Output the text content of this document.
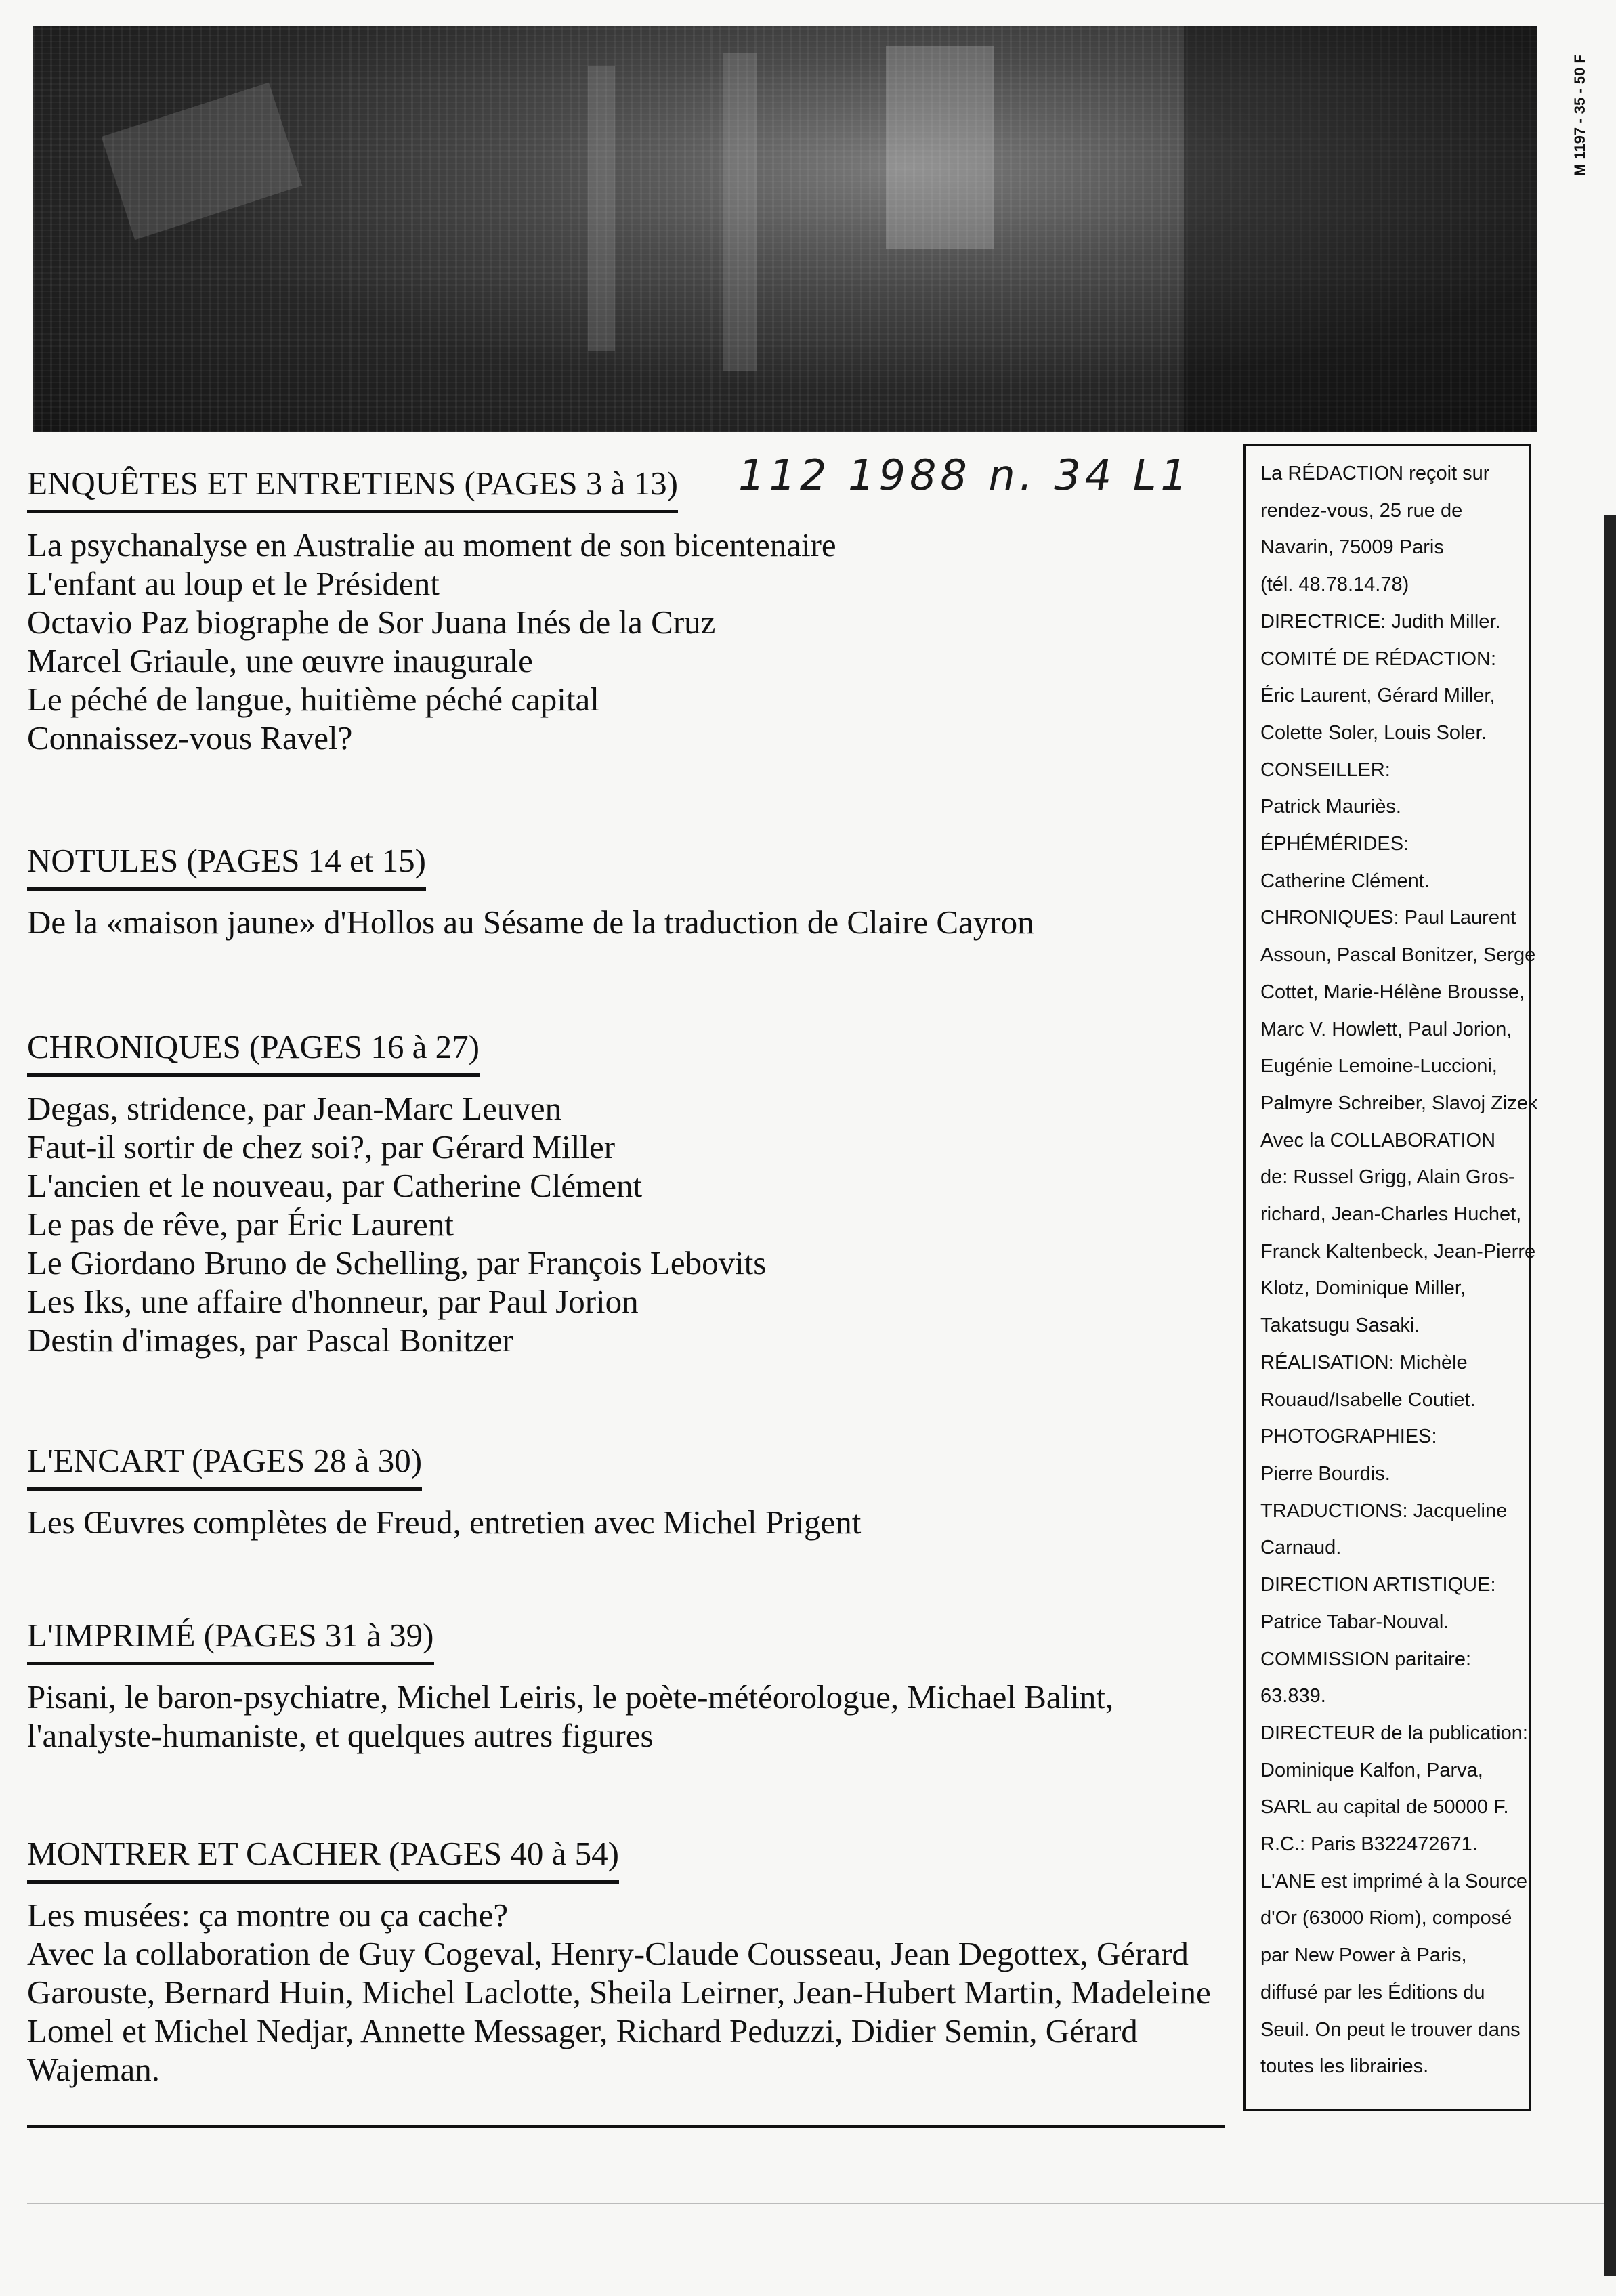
M 1197 - 35 - 50 F
112 1988 n. 34 L1
ENQUÊTES ET ENTRETIENS (PAGES 3 à 13)
La psychanalyse en Australie au moment de son bicentenaire
L'enfant au loup et le Président
Octavio Paz biographe de Sor Juana Inés de la Cruz
Marcel Griaule, une œuvre inaugurale
Le péché de langue, huitième péché capital
Connaissez-vous Ravel?
NOTULES (PAGES 14 et 15)
De la «maison jaune» d'Hollos au Sésame de la traduction de Claire Cayron
CHRONIQUES (PAGES 16 à 27)
Degas, stridence, par Jean-Marc Leuven
Faut-il sortir de chez soi?, par Gérard Miller
L'ancien et le nouveau, par Catherine Clément
Le pas de rêve, par Éric Laurent
Le Giordano Bruno de Schelling, par François Lebovits
Les Iks, une affaire d'honneur, par Paul Jorion
Destin d'images, par Pascal Bonitzer
L'ENCART (PAGES 28 à 30)
Les Œuvres complètes de Freud, entretien avec Michel Prigent
L'IMPRIMÉ (PAGES 31 à 39)
Pisani, le baron-psychiatre, Michel Leiris, le poète-météorologue, Michael Balint, l'analyste-humaniste, et quelques autres figures
MONTRER ET CACHER (PAGES 40 à 54)
Les musées: ça montre ou ça cache?
Avec la collaboration de Guy Cogeval, Henry-Claude Cousseau, Jean Degottex, Gérard Garouste, Bernard Huin, Michel Laclotte, Sheila Leirner, Jean-Hubert Martin, Madeleine Lomel et Michel Nedjar, Annette Messager, Richard Peduzzi, Didier Semin, Gérard Wajeman.
La RÉDACTION reçoit sur
rendez-vous, 25 rue de
Navarin, 75009 Paris
(tél. 48.78.14.78)
DIRECTRICE: Judith Miller.
COMITÉ DE RÉDACTION:
Éric Laurent, Gérard Miller,
Colette Soler, Louis Soler.
CONSEILLER:
Patrick Mauriès.
ÉPHÉMÉRIDES:
Catherine Clément.
CHRONIQUES: Paul Laurent
Assoun, Pascal Bonitzer, Serge
Cottet, Marie-Hélène Brousse,
Marc V. Howlett, Paul Jorion,
Eugénie Lemoine-Luccioni,
Palmyre Schreiber, Slavoj Zizek
Avec la COLLABORATION
de: Russel Grigg, Alain Gros-
richard, Jean-Charles Huchet,
Franck Kaltenbeck, Jean-Pierre
Klotz, Dominique Miller,
Takatsugu Sasaki.
RÉALISATION: Michèle
Rouaud/Isabelle Coutiet.
PHOTOGRAPHIES:
Pierre Bourdis.
TRADUCTIONS: Jacqueline
Carnaud.
DIRECTION ARTISTIQUE:
Patrice Tabar-Nouval.
COMMISSION paritaire:
63.839.
DIRECTEUR de la publication:
Dominique Kalfon, Parva,
SARL au capital de 50000 F.
R.C.: Paris B322472671.
L'ANE est imprimé à la Source
d'Or (63000 Riom), composé
par New Power à Paris,
diffusé par les Éditions du
Seuil. On peut le trouver dans
toutes les librairies.
